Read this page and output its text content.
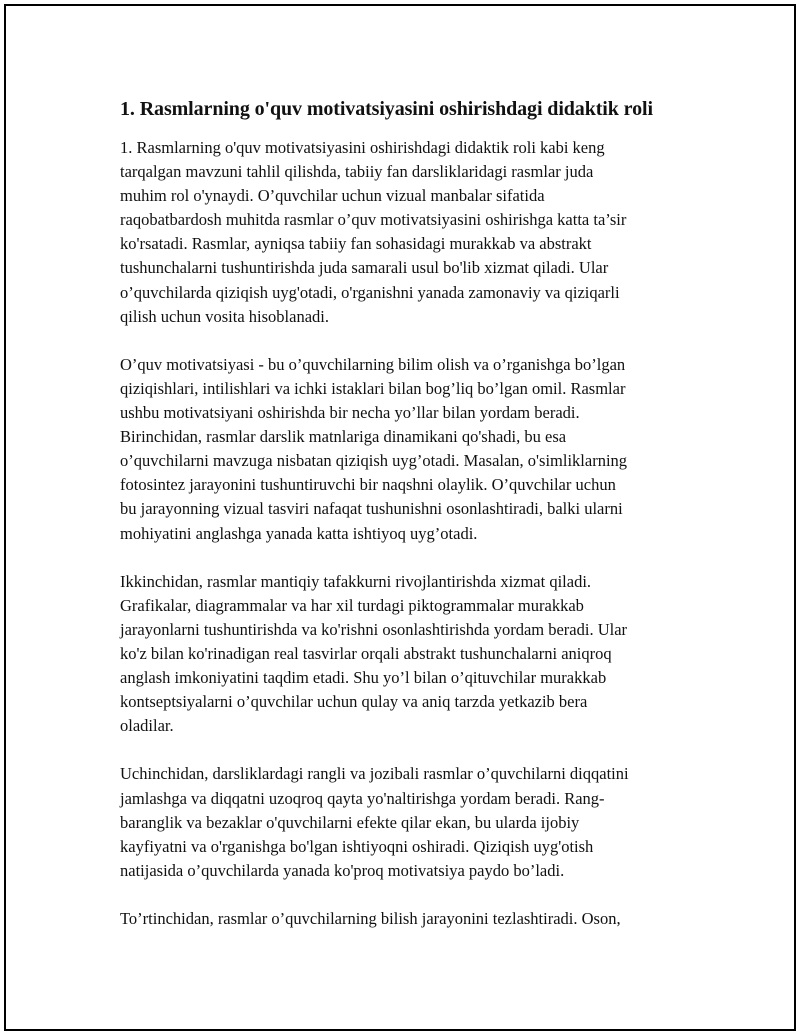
1. Rasmlarning o'quv motivatsiyasini oshirishdagi didaktik roli

1. Rasmlarning o'quv motivatsiyasini oshirishdagi didaktik roli kabi keng
tarqalgan mavzuni tahlil qilishda, tabiiy fan darsliklaridagi rasmlar juda
muhim rol o'ynaydi. O’quvchilar uchun vizual manbalar sifatida
raqobatbardosh muhitda rasmlar o’quv motivatsiyasini oshirishga katta ta’sir
ko'rsatadi. Rasmlar, ayniqsa tabiiy fan sohasidagi murakkab va abstrakt
tushunchalarni tushuntirishda juda samarali usul bo'lib xizmat qiladi. Ular
o’quvchilarda qiziqish uyg'otadi, o'rganishni yanada zamonaviy va qiziqarli
qilish uchun vosita hisoblanadi.

O’quv motivatsiyasi - bu o’quvchilarning bilim olish va o’rganishga bo’lgan
qiziqishlari, intilishlari va ichki istaklari bilan bog’liq bo’lgan omil. Rasmlar
ushbu motivatsiyani oshirishda bir necha yo’llar bilan yordam beradi.
Birinchidan, rasmlar darslik matnlariga dinamikani qo'shadi, bu esa
o’quvchilarni mavzuga nisbatan qiziqish uyg’otadi. Masalan, o'simliklarning
fotosintez jarayonini tushuntiruvchi bir naqshni olaylik. O’quvchilar uchun
bu jarayonning vizual tasviri nafaqat tushunishni osonlashtiradi, balki ularni
mohiyatini anglashga yanada katta ishtiyoq uyg’otadi.

Ikkinchidan, rasmlar mantiqiy tafakkurni rivojlantirishda xizmat qiladi.
Grafikalar, diagrammalar va har xil turdagi piktogrammalar murakkab
jarayonlarni tushuntirishda va ko'rishni osonlashtirishda yordam beradi. Ular
ko'z bilan ko'rinadigan real tasvirlar orqali abstrakt tushunchalarni aniqroq
anglash imkoniyatini taqdim etadi. Shu yo’l bilan o’qituvchilar murakkab
kontseptsiyalarni o’quvchilar uchun qulay va aniq tarzda yetkazib bera
oladilar.

Uchinchidan, darsliklardagi rangli va jozibali rasmlar o’quvchilarni diqqatini
jamlashga va diqqatni uzoqroq qayta yo'naltirishga yordam beradi. Rang-
baranglik va bezaklar o'quvchilarni efekte qilar ekan, bu ularda ijobiy
kayfiyatni va o'rganishga bo'lgan ishtiyoqni oshiradi. Qiziqish uyg'otish
natijasida o’quvchilarda yanada ko'proq motivatsiya paydo bo’ladi.

To’rtinchidan, rasmlar o’quvchilarning bilish jarayonini tezlashtiradi. Oson,
